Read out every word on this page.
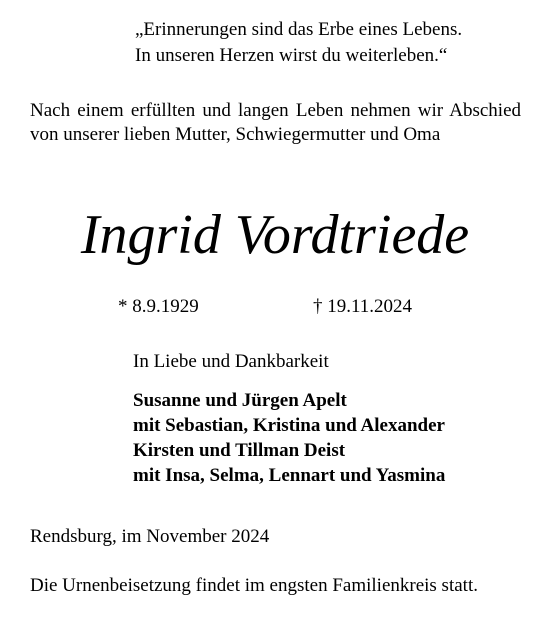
„Erinnerungen sind das Erbe eines Lebens.
In unseren Herzen wirst du weiterleben.“
Nach einem erfüllten und langen Leben nehmen wir Abschied von unserer lieben Mutter, Schwiegermutter und Oma
Ingrid Vordtriede
* 8.9.1929	† 19.11.2024
In Liebe und Dankbarkeit
Susanne und Jürgen Apelt
mit Sebastian, Kristina und Alexander
Kirsten und Tillman Deist
mit Insa, Selma, Lennart und Yasmina
Rendsburg, im November 2024
Die Urnenbeisetzung findet im engsten Familienkreis statt.
